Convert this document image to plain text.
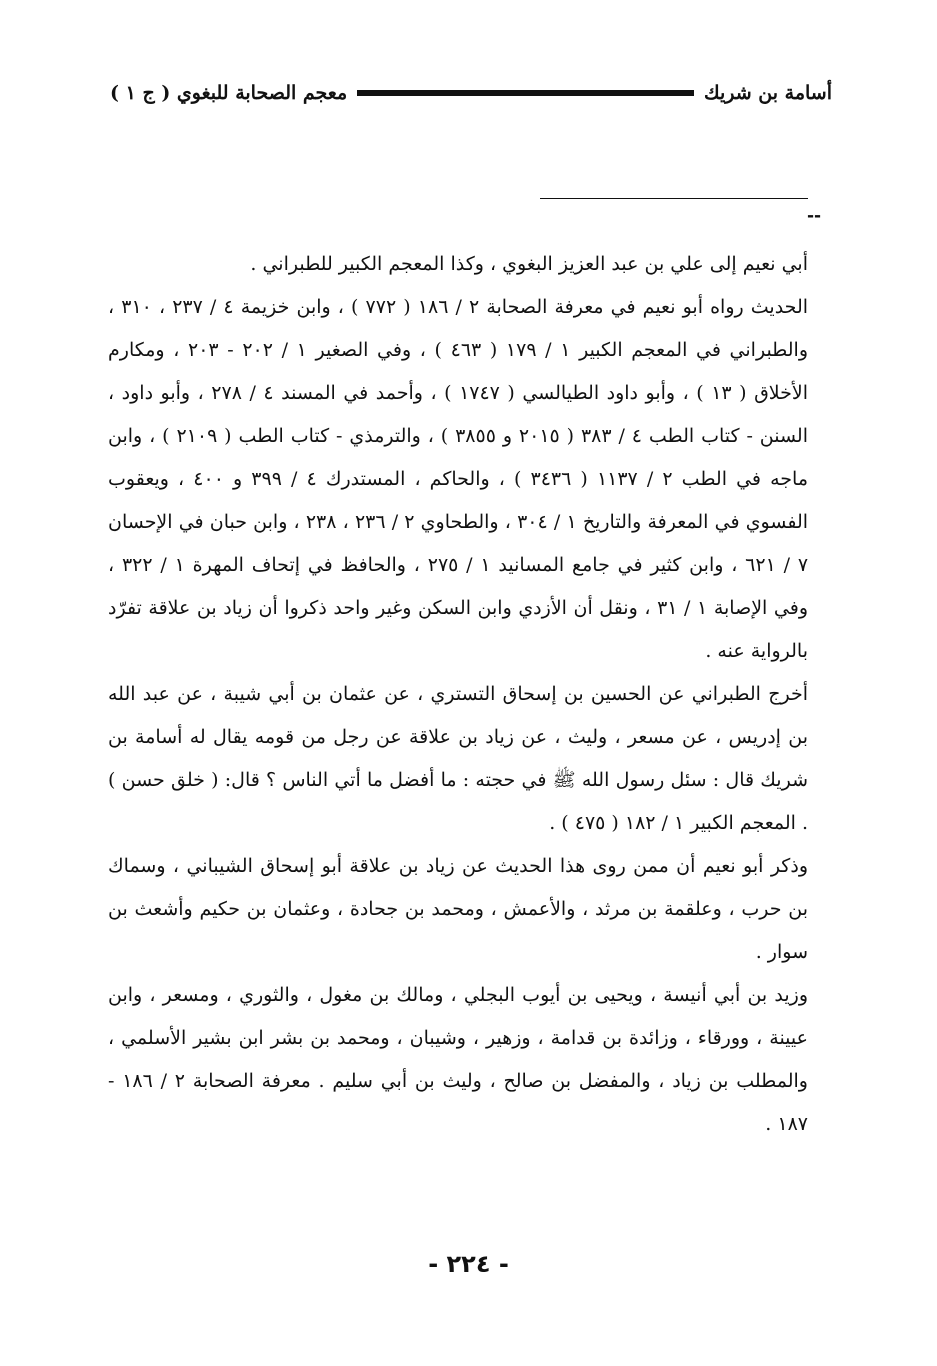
أسامة بن شريك
معجم الصحابة للبغوي ( ج ١ )
--

أبي نعيم إلى علي بن عبد العزيز البغوي ، وكذا المعجم الكبير للطبراني .

الحديث رواه أبو نعيم في معرفة الصحابة ٢ / ١٨٦ ( ٧٧٢ ) ، وابن خزيمة ٤ / ٢٣٧ ، ٣١٠ ، والطبراني في المعجم الكبير ١ / ١٧٩ ( ٤٦٣ ) ، وفي الصغير ١ / ٢٠٢ - ٢٠٣ ، ومكارم الأخلاق ( ١٣ ) ، وأبو داود الطيالسي ( ١٧٤٧ ) ، وأحمد في المسند ٤ / ٢٧٨ ، وأبو داود ، السنن - كتاب الطب ٤ / ٣٨٣ ( ٢٠١٥ و ٣٨٥٥ ) ، والترمذي - كتاب الطب ( ٢١٠٩ ) ، وابن ماجه في الطب ٢ / ١١٣٧ ( ٣٤٣٦ ) ، والحاكم ، المستدرك ٤ / ٣٩٩ و ٤٠٠ ، ويعقوب الفسوي في المعرفة والتاريخ ١ / ٣٠٤ ، والطحاوي ٢ / ٢٣٦ ، ٢٣٨ ، وابن حبان في الإحسان ٧ / ٦٢١ ، وابن كثير في جامع المسانيد ١ / ٢٧٥ ، والحافظ في إتحاف المهرة ١ / ٣٢٢ ، وفي الإصابة ١ / ٣١ ، ونقل أن الأزدي وابن السكن وغير واحد ذكروا أن زياد بن علاقة تفرّد بالرواية عنه .

أخرج الطبراني عن الحسين بن إسحاق التستري ، عن عثمان بن أبي شيبة ، عن عبد الله بن إدريس ، عن مسعر ، وليث ، عن زياد بن علاقة عن رجل من قومه يقال له أسامة بن شريك قال : سئل رسول الله ﷺ في حجته : ما أفضل ما أتي الناس ؟ قال: ( خلق حسن ) . المعجم الكبير ١ / ١٨٢ ( ٤٧٥ ) .

وذكر أبو نعيم أن ممن روى هذا الحديث عن زياد بن علاقة أبو إسحاق الشيباني ، وسماك بن حرب ، وعلقمة بن مرثد ، والأعمش ، ومحمد بن جحادة ، وعثمان بن حكيم وأشعث بن سوار .

وزيد بن أبي أنيسة ، ويحيى بن أيوب البجلي ، ومالك بن مغول ، والثوري ، ومسعر ، وابن عيينة ، وورقاء ، وزائدة بن قدامة ، وزهير ، وشيبان ، ومحمد بن بشر ابن بشير الأسلمي ، والمطلب بن زياد ، والمفضل بن صالح ، وليث بن أبي سليم . معرفة الصحابة ٢ / ١٨٦ - ١٨٧ .

- ٢٢٤ -
